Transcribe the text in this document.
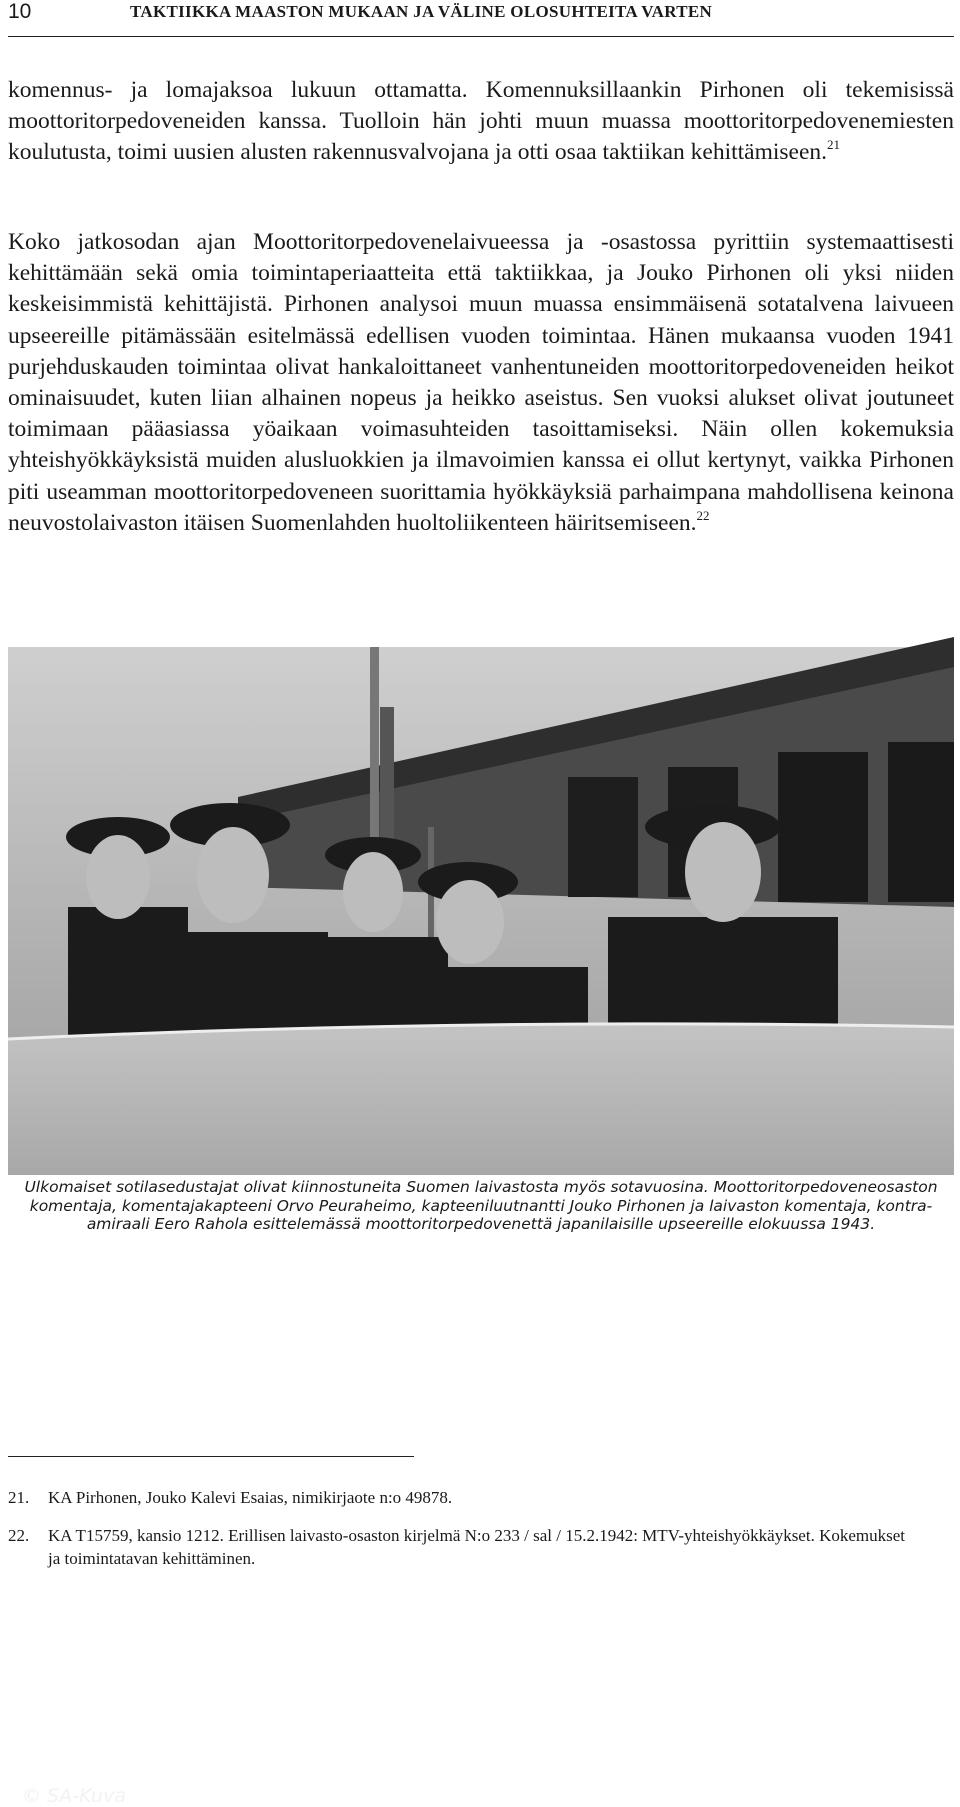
10	TAKTIIKKA MAASTON MUKAAN JA VÄLINE OLOSUHTEITA VARTEN

komennus- ja lomajaksoa lukuun ottamatta. Komennuksillaankin Pirhonen oli tekemisissä moottoritorpedoveneiden kanssa. Tuolloin hän johti muun muassa moottoritorpedovenemiesten koulutusta, toimi uusien alusten rakennusvalvojana ja otti osaa taktiikan kehittämiseen.$^{21}$

Koko jatkosodan ajan Moottoritorpedovenelaivueessa ja -osastossa pyrittiin systemaattisesti kehittämään sekä omia toimintaperiaatteita että taktiikkaa, ja Jouko Pirhonen oli yksi niiden keskeisimmistä kehittäjistä. Pirhonen analysoi muun muassa ensimmäisenä sotatalvena laivueen upseereille pitämässään esitelmässä edellisen vuoden toimintaa. Hänen mukaansa vuoden 1941 purjehduskauden toimintaa olivat hankaloittaneet vanhentuneiden moottoritorpedoveneiden heikot ominaisuudet, kuten liian alhainen nopeus ja heikko aseistus. Sen vuoksi alukset olivat joutuneet toimimaan pääasiassa yöaikaan voimasuhteiden tasoittamiseksi. Näin ollen kokemuksia yhteishyökkäyksistä muiden alusluokkien ja ilmavoimien kanssa ei ollut kertynyt, vaikka Pirhonen piti useamman moottoritorpedoveneen suorittamia hyökkäyksiä parhaimpana mahdollisena keinona neuvostolaivaston itäisen Suomenlahden huoltoliikenteen häiritsemiseen.$^{22}$

© SA-Kuva

Ulkomaiset sotilasedustajat olivat kiinnostuneita Suomen laivastosta myös sotavuosina. Moottoritorpedoveneosaston komentaja, komentajakapteeni Orvo Peuraheimo, kapteeniluutnantti Jouko Pirhonen ja laivaston komentaja, kontra-amiraali Eero Rahola esittelemässä moottoritorpedovenettä japanilaisille upseereille elokuussa 1943.

21. KA Pirhonen, Jouko Kalevi Esaias, nimikirjaote n:o 49878.
22. KA T15759, kansio 1212. Erillisen laivasto-osaston kirjelmä N:o 233 / sal / 15.2.1942: MTV-yhteishyökkäykset. Kokemukset ja toimintatavan kehittäminen.
